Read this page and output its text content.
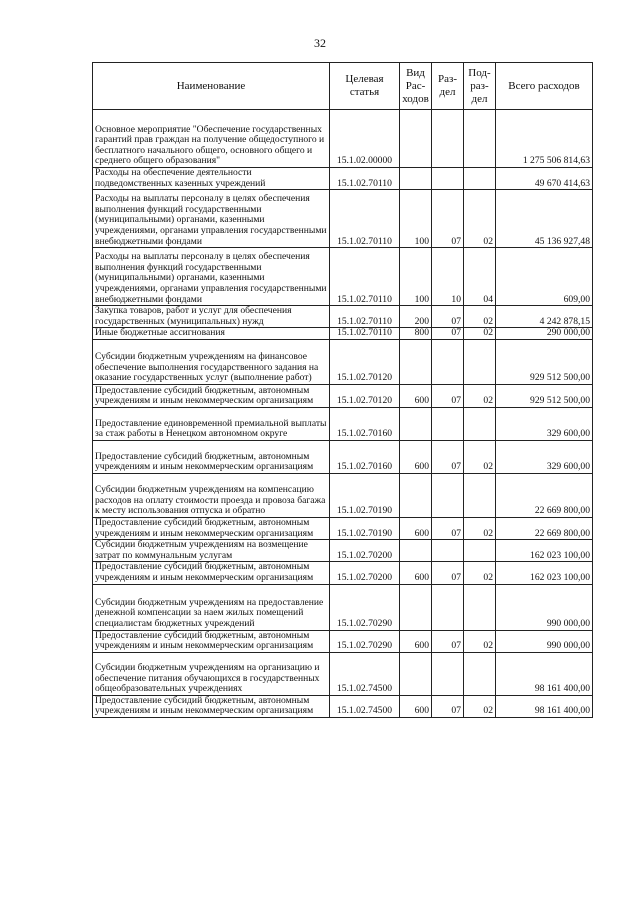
32
Наименование	Целевая статья	Вид Рас- ходов	Раз- дел	Под- раз- дел	Всего расходов
Основное мероприятие "Обеспечение государственных гарантий прав граждан на получение общедоступного и бесплатного начального общего, основного общего и среднего общего образования"	15.1.02.00000				1 275 506 814,63
Расходы на обеспечение деятельности подведомственных казенных учреждений	15.1.02.70110				49 670 414,63
Расходы на выплаты персоналу в целях обеспечения выполнения функций государственными (муниципальными) органами, казенными учреждениями, органами управления государственными внебюджетными фондами	15.1.02.70110	100	07	02	45 136 927,48
Расходы на выплаты персоналу в целях обеспечения выполнения функций государственными (муниципальными) органами, казенными учреждениями, органами управления государственными внебюджетными фондами	15.1.02.70110	100	10	04	609,00
Закупка товаров, работ и услуг для обеспечения государственных (муниципальных) нужд	15.1.02.70110	200	07	02	4 242 878,15
Иные бюджетные ассигнования	15.1.02.70110	800	07	02	290 000,00
Субсидии бюджетным учреждениям на финансовое обеспечение выполнения государственного задания на оказание государственных услуг (выполнение работ)	15.1.02.70120				929 512 500,00
Предоставление субсидий бюджетным, автономным учреждениям и иным некоммерческим организациям	15.1.02.70120	600	07	02	929 512 500,00
Предоставление единовременной премиальной выплаты за стаж работы в Ненецком автономном округе	15.1.02.70160				329 600,00
Предоставление субсидий бюджетным, автономным учреждениям и иным некоммерческим организациям	15.1.02.70160	600	07	02	329 600,00
Субсидии бюджетным учреждениям на компенсацию расходов на оплату стоимости проезда и провоза багажа к месту использования отпуска и обратно	15.1.02.70190				22 669 800,00
Предоставление субсидий бюджетным, автономным учреждениям и иным некоммерческим организациям	15.1.02.70190	600	07	02	22 669 800,00
Субсидии бюджетным учреждениям на возмещение затрат по коммунальным услугам	15.1.02.70200				162 023 100,00
Предоставление субсидий бюджетным, автономным учреждениям и иным некоммерческим организациям	15.1.02.70200	600	07	02	162 023 100,00
Субсидии бюджетным учреждениям на предоставление денежной компенсации за наем жилых помещений специалистам бюджетных учреждений	15.1.02.70290				990 000,00
Предоставление субсидий бюджетным, автономным учреждениям и иным некоммерческим организациям	15.1.02.70290	600	07	02	990 000,00
Субсидии бюджетным учреждениям на организацию и обеспечение питания обучающихся в государственных общеобразовательных учреждениях	15.1.02.74500				98 161 400,00
Предоставление субсидий бюджетным, автономным учреждениям и иным некоммерческим организациям	15.1.02.74500	600	07	02	98 161 400,00
